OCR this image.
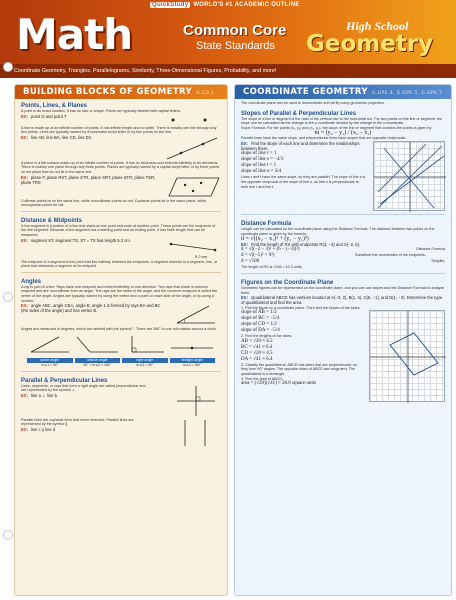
QuickStudy WORLD'S #1 ACADEMIC OUTLINE
Math	Common Core
State Standards
High School
Geometry
Coordinate Geometry, Triangles, Parallelograms, Similarity, Three-Dimensional Figures, Probability, and more!
BUILDING BLOCKS OF GEOMETRY G.CO.1
Points, Lines, & Planes
A point is an exact location. It has no size or shape. Points are typically labeled with capital letters.
EX: point G and point T
A line is made up of an infinite number of points. It has infinite length and no width. There is exactly one line through any two points. Lines are typically named by a lowercase script letter or by two points on the line.
EX: line AB, line BA, line CD, line DC
A plane is a flat surface made up of an infinite number of points. It has no thickness and extends infinitely in all directions. There is exactly one plane through any three points. Planes are typically named by a capital script letter or by three points on the plane that do not lie in the same line.
EX: plane P, plane RST, plane STR, plane SRT, plane STR, plane TSR, plane TRS
Collinear points lie on the same line, while noncollinear points do not. Coplanar points lie in the same plane, while noncoplanar points do not.
Distance & Midpoints
A line segment is a portion of a line that starts at one point and ends at another point. These points are the endpoints of the line segment. Because a line segment has a starting point and an ending point, it has finite length that can be measured.
EX: segment ST, segment TS, ST = TS has length 5.2 cm.
5.2 cm
The midpoint of a segment is the point that lies halfway between the endpoints. A segment bisector is a segment, line, or plane that intersects a segment at its midpoint.
Angles
A ray is part of a line. Rays have one endpoint and extend infinitely in one direction. Two rays that share a common endpoint and are noncollinear form an angle. The rays are the sides of the angle, and the common endpoint is called the vertex of the angle. Angles are typically named by using the vertex and a point on each side of the angle, or by using a number.
EX: angle ABC, angle CBA, angle B, angle 1 is formed by rays BA and BC (the sides of the angle) and has vertex B.
Angles are measured in degrees, which are labeled with the symbol °. There are 360° in one full rotation around a circle.
acute angle
m∠1 < 90°
obtuse angle
90° < m∠2 < 180°
right angle
m∠3 = 90°
straight angle
m∠4 = 180°
Parallel & Perpendicular Lines
Lines, segments, or rays that form a right angle are called perpendicular and are represented by the symbol ⊥.
EX: line a ⊥ line b
Parallel lines are coplanar lines that never intersect. Parallel lines are represented by the symbol ∥.
EX: line c ∥ line d
COORDINATE GEOMETRY G.GPE.4, G.GPE.5, G.GPE.7
The coordinate plane can be used to demonstrate and verify many geometric properties.
Slopes of Parallel & Perpendicular Lines
The slope of a line or segment is the ratio of the vertical rise to the horizontal run. For two points on the line or segment, the slope can be calculated as the change in the y-coordinate divided by the change in the x-coordinate.
Slope Formula: For the points (x₁, y₁) and (x₂, y₂), the slope of the line or segment that contains the points is given by
m = (y₂ − y₁) / (x₂ − x₁)
Parallel lines have the same slope, and perpendicular lines have slopes that are opposite reciprocals.
EX: Find the slope of each line and determine the relationships between them.
slope of line r = 1
slope of line s = −4/3
slope of line t = 1
slope of line u = 3/4
Lines r and t have the same slope, so they are parallel. The slope of line s is the opposite reciprocal of the slope of line u, so line s is perpendicular to both line r and line t.
Distance Formula
Length can be calculated on the coordinate plane using the Distance Formula. The distance between two points on the coordinate plane is given by the formula
d = √((x₂ − x₁)² + (y₂ − y₁)²)
EX: Find the length of RS with endpoints R(3, −3) and S(−2, 6).
d = √((−2 − 3)² + (6 − (−3))²)	Distance Formula
d = √((−5)² + 9²)	Substitute the coordinates of the endpoints.
d = √106	Simplify.
The length of RS is √106 ≈ 10.3 units.
Figures on the Coordinate Plane
Geometric figures can be represented on the coordinate plane, and you can use slopes and the Distance Formula to analyze them.
EX: Quadrilateral ABCD has vertices located at A(−3, 2), B(1, 4), C(5, −1), and D(1, −3). Determine the type of quadrilateral and find the area.
1. Plot the figure on a coordinate plane. Then find the slopes of the sides.
slope of AB = 1/2
slope of BC = −5/4
slope of CD = 1/2
slope of DA = −5/4
2. Find the lengths of the sides.
AB = √20 ≈ 4.5
BC = √41 ≈ 6.4
CD = √20 ≈ 4.5
DA = √41 ≈ 6.4
3. Classify the quadrilateral. ABCD has sides that are perpendicular, so they form 90° angles. The opposite sides of ABCD are congruent. The quadrilateral is a rectangle.
4. Find the area of ABCD.
area = (√20)(√41) ≈ 28.6 square units
